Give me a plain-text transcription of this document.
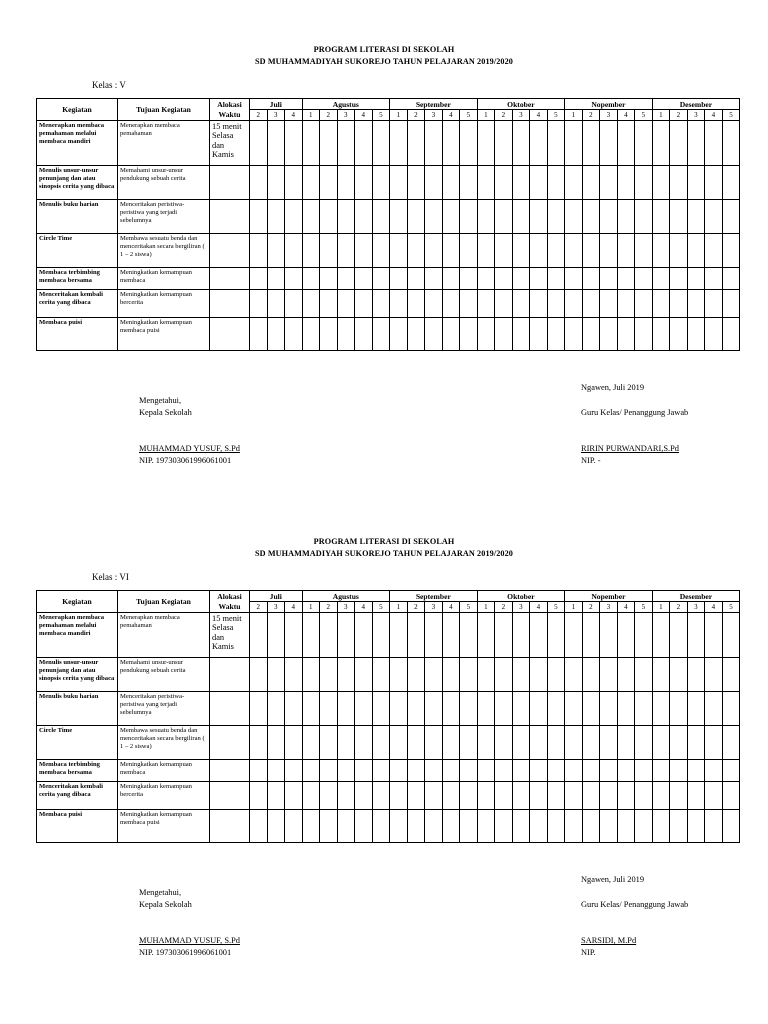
PROGRAM LITERASI DI SEKOLAH
SD MUHAMMADIYAH SUKOREJO TAHUN PELAJARAN 2019/2020
Kelas : V
Kegiatan	Tujuan Kegiatan	Alokasi	Juli			Agustus					September					Oktober					Nopember					Desember				
		Waktu	2	3	4	1	2	3	4	5	1	2	3	4	5	1	2	3	4	5	1	2	3	4	5	1	2	3	4	5
Menerapkan membaca pemahaman melalui membaca mandiri	Menerapkan membaca pemahaman	15 menit
Selasa
dan
Kamis																												

Menulis unsur-unsur penunjang dan atau sinopsis cerita yang dibaca	Memahami unsur-unsur pendukung sebuah cerita																													
Menulis buku harian	Menceritakan peristiwa-peristiwa yang terjadi sebelumnya																													
Circle Time	Membawa sesuatu benda dan menceritakan secara bergiliran ( 1 – 2 siswa)																													
Membaca terbimbing membaca bersama	Meningkatkan kemampuan membaca																													
Menceritakan kembali cerita yang dibaca	Meningkatkan kemampuan bercerita																													
Membaca puisi	Meningkatkan kemampuan membaca puisi																													
Ngawen, Juli 2019
Mengetahui,
Kepala Sekolah	Guru Kelas/ Penanggung Jawab
MUHAMMAD YUSUF, S.Pd	RIRIN PURWANDARI,S.Pd
NIP. 197303061996061001	NIP. -
PROGRAM LITERASI DI SEKOLAH
SD MUHAMMADIYAH SUKOREJO TAHUN PELAJARAN 2019/2020
Kelas : VI
Kegiatan	Tujuan Kegiatan	Alokasi	Juli			Agustus					September					Oktober					Nopember					Desember				
		Waktu	2	3	4	1	2	3	4	5	1	2	3	4	5	1	2	3	4	5	1	2	3	4	5	1	2	3	4	5
Menerapkan membaca pemahaman melalui membaca mandiri	Menerapkan membaca pemahaman	15 menit
Selasa
dan
Kamis																												

Menulis unsur-unsur penunjang dan atau sinopsis cerita yang dibaca	Memahami unsur-unsur pendukung sebuah cerita																													
Menulis buku harian	Menceritakan peristiwa-peristiwa yang terjadi sebelumnya																													
Circle Time	Membawa sesuatu benda dan menceritakan secara bergiliran ( 1 – 2 siswa)																													
Membaca terbimbing membaca bersama	Meningkatkan kemampuan membaca																													
Menceritakan kembali cerita yang dibaca	Meningkatkan kemampuan bercerita																													
Membaca puisi	Meningkatkan kemampuan membaca puisi																													
Ngawen, Juli 2019
Mengetahui,
Kepala Sekolah	Guru Kelas/ Penanggung Jawab
MUHAMMAD YUSUF, S.Pd	SARSIDI, M.Pd
NIP. 197303061996061001	NIP.
